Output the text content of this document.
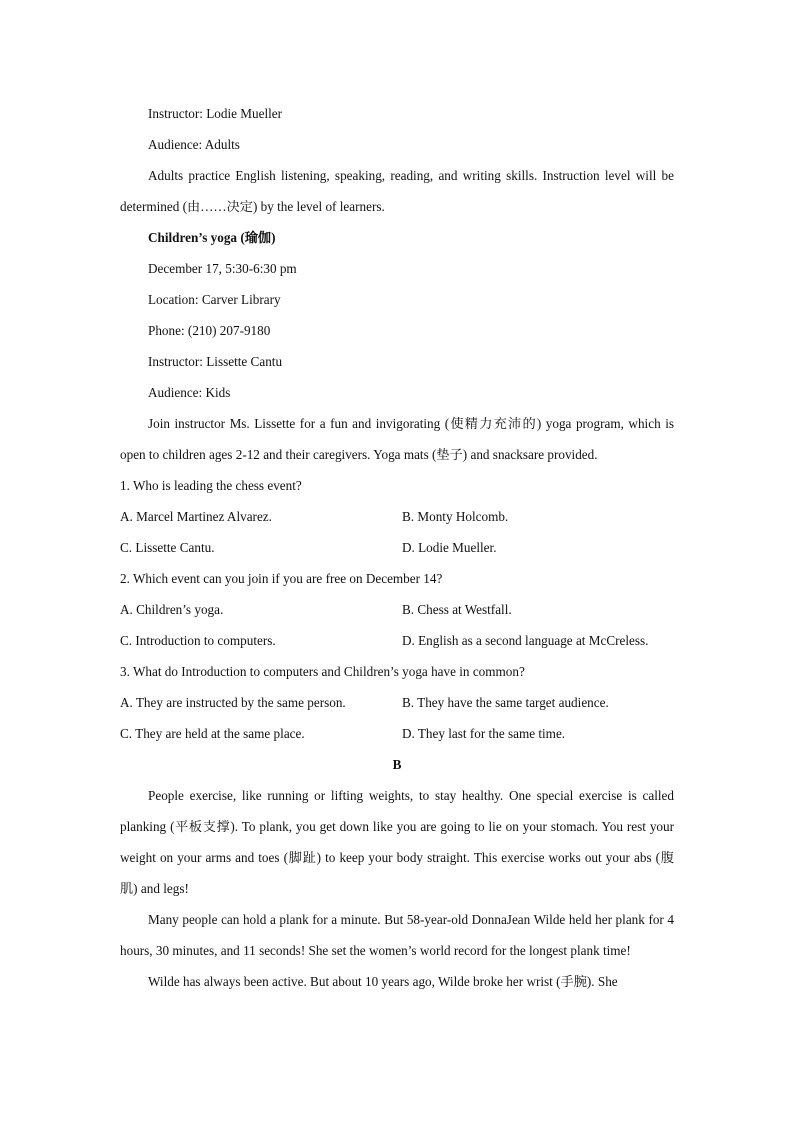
Instructor: Lodie Mueller

Audience: Adults

Adults practice English listening, speaking, reading, and writing skills. Instruction level will be determined (由……决定) by the level of learners.

Children’s yoga (瑜伽)

December 17, 5:30-6:30 pm

Location: Carver Library

Phone: (210) 207-9180

Instructor: Lissette Cantu

Audience: Kids

Join instructor Ms. Lissette for a fun and invigorating (使精力充沛的) yoga program, which is open to children ages 2-12 and their caregivers. Yoga mats (垫子) and snacksare provided.

1. Who is leading the chess event?

A. Marcel Martinez Alvarez.	B. Monty Holcomb.
C. Lissette Cantu.	D. Lodie Mueller.

2. Which event can you join if you are free on December 14?

A. Children’s yoga.	B. Chess at Westfall.
C. Introduction to computers.	D. English as a second language at McCreless.

3. What do Introduction to computers and Children’s yoga have in common?

A. They are instructed by the same person.	B. They have the same target audience.
C. They are held at the same place.	D. They last for the same time.

B

People exercise, like running or lifting weights, to stay healthy. One special exercise is called planking (平板支撑). To plank, you get down like you are going to lie on your stomach. You rest your weight on your arms and toes (脚趾) to keep your body straight. This exercise works out your abs (腹肌) and legs!

Many people can hold a plank for a minute. But 58-year-old DonnaJean Wilde held her plank for 4 hours, 30 minutes, and 11 seconds! She set the women’s world record for the longest plank time!

Wilde has always been active. But about 10 years ago, Wilde broke her wrist (手腕). She
